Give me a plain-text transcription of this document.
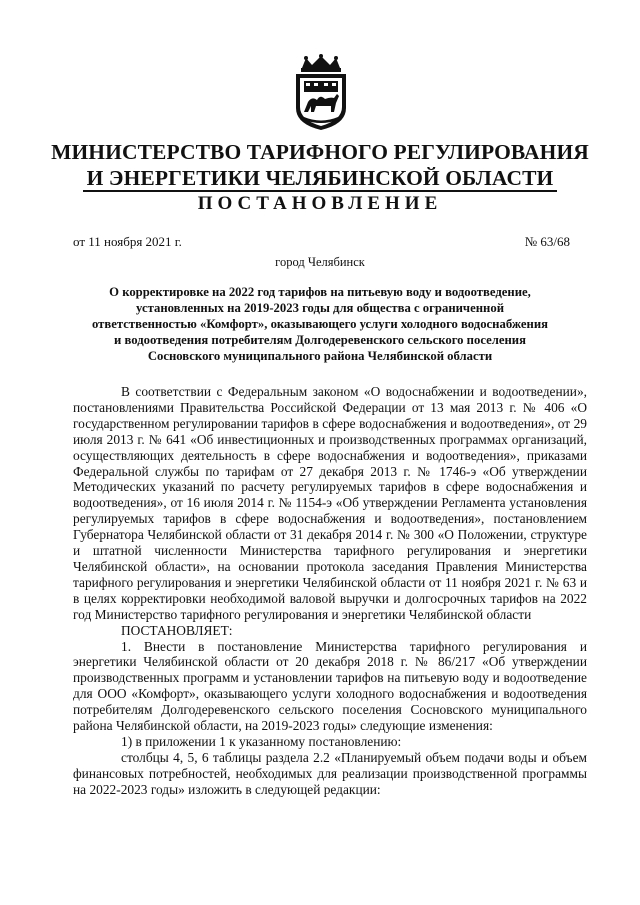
МИНИСТЕРСТВО ТАРИФНОГО РЕГУЛИРОВАНИЯ
И ЭНЕРГЕТИКИ ЧЕЛЯБИНСКОЙ ОБЛАСТИ
ПОСТАНОВЛЕНИЕ
от 11 ноября 2021 г.	№ 63/68
город Челябинск
О корректировке на 2022 год тарифов на питьевую воду и водоотведение,
установленных на 2019-2023 годы для общества с ограниченной
ответственностью «Комфорт», оказывающего услуги холодного водоснабжения
и водоотведения потребителям Долгодеревенского сельского поселения
Сосновского муниципального района Челябинской области

В соответствии с Федеральным законом «О водоснабжении и водоотведении», постановлениями Правительства Российской Федерации от 13 мая 2013 г. № 406 «О государственном регулировании тарифов в сфере водоснабжения и водоотведения», от 29 июля 2013 г. № 641 «Об инвестиционных и производственных программах организаций, осуществляющих деятельность в сфере водоснабжения и водоотведения», приказами Федеральной службы по тарифам от 27 декабря 2013 г. № 1746-э «Об утверждении Методических указаний по расчету регулируемых тарифов в сфере водоснабжения и водоотведения», от 16 июля 2014 г. № 1154-э «Об утверждении Регламента установления регулируемых тарифов в сфере водоснабжения и водоотведения», постановлением Губернатора Челябинской области от 31 декабря 2014 г. № 300 «О Положении, структуре и штатной численности Министерства тарифного регулирования и энергетики Челябинской области», на основании протокола заседания Правления Министерства тарифного регулирования и энергетики Челябинской области от 11 ноября 2021 г. № 63 и в целях корректировки необходимой валовой выручки и долгосрочных тарифов на 2022 год Министерство тарифного регулирования и энергетики Челябинской области

ПОСТАНОВЛЯЕТ:

1. Внести в постановление Министерства тарифного регулирования и энергетики Челябинской области от 20 декабря 2018 г. № 86/217 «Об утверждении производственных программ и установлении тарифов на питьевую воду и водоотведение для ООО «Комфорт», оказывающего услуги холодного водоснабжения и водоотведения потребителям Долгодеревенского сельского поселения Сосновского муниципального района Челябинской области, на 2019-2023 годы» следующие изменения:

1) в приложении 1 к указанному постановлению:

столбцы 4, 5, 6 таблицы раздела 2.2 «Планируемый объем подачи воды и объем финансовых потребностей, необходимых для реализации производственной программы на 2022-2023 годы» изложить в следующей редакции:
